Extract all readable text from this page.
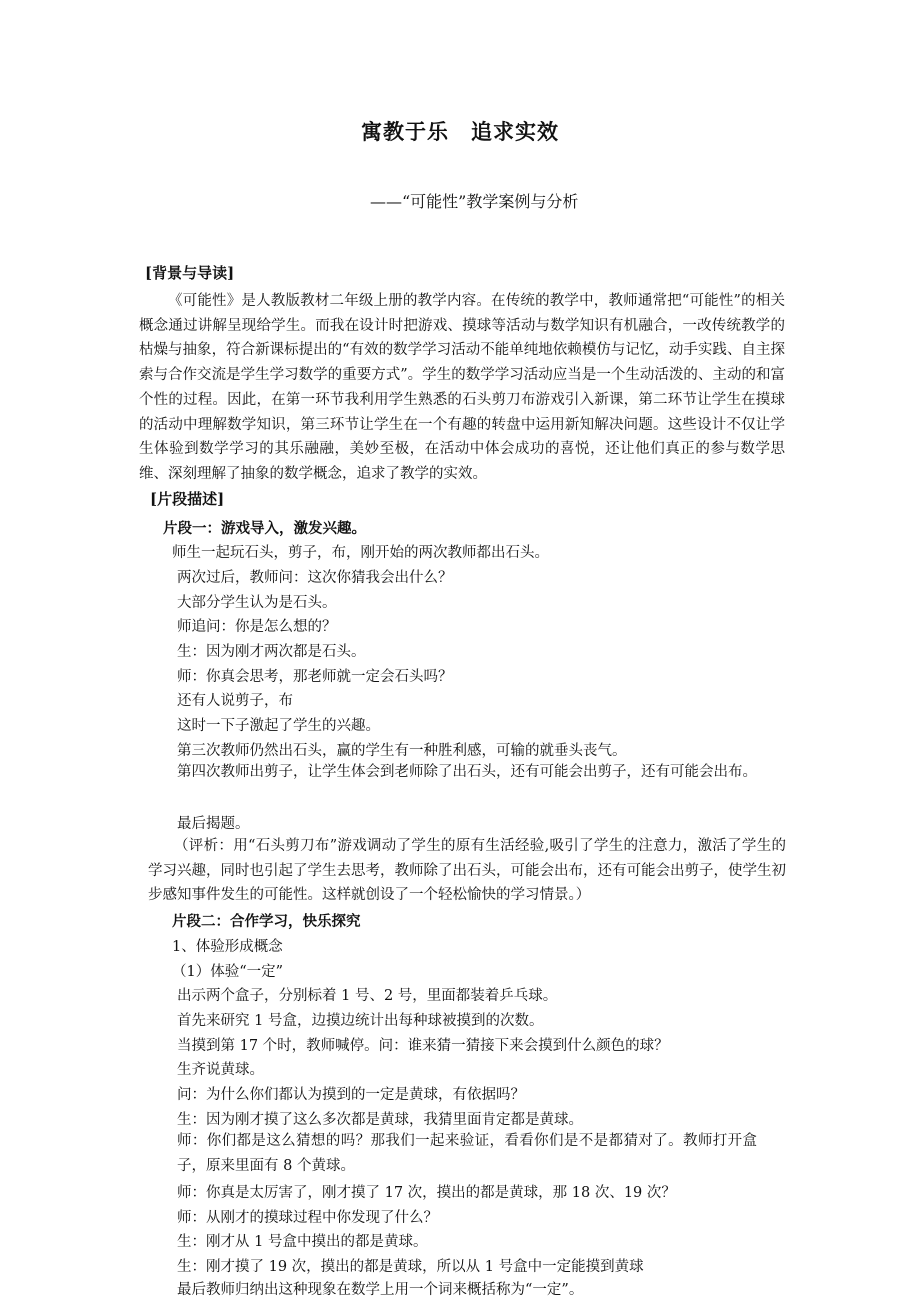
寓教于乐　追求实效
——“可能性”教学案例与分析
[背景与导读]

《可能性》是人教版教材二年级上册的教学内容。在传统的教学中，教师通常把“可能性”的相关概念通过讲解呈现给学生。而我在设计时把游戏、摸球等活动与数学知识有机融合，一改传统教学的枯燥与抽象，符合新课标提出的“有效的数学学习活动不能单纯地依赖模仿与记忆，动手实践、自主探索与合作交流是学生学习数学的重要方式”。学生的数学学习活动应当是一个生动活泼的、主动的和富个性的过程。因此，在第一环节我利用学生熟悉的石头剪刀布游戏引入新课，第二环节让学生在摸球的活动中理解数学知识，第三环节让学生在一个有趣的转盘中运用新知解决问题。这些设计不仅让学生体验到数学学习的其乐融融，美妙至极，在活动中体会成功的喜悦，还让他们真正的参与数学思维、深刻理解了抽象的数学概念，追求了教学的实效。

[片段描述]
片段一：游戏导入，激发兴趣。
师生一起玩石头，剪子，布，刚开始的两次教师都出石头。
两次过后，教师问：这次你猜我会出什么？
大部分学生认为是石头。
师追问：你是怎么想的？
生：因为刚才两次都是石头。
师：你真会思考，那老师就一定会石头吗？
还有人说剪子，布
这时一下子激起了学生的兴趣。
第三次教师仍然出石头，赢的学生有一种胜利感，可输的就垂头丧气。

第四次教师出剪子，让学生体会到老师除了出石头，还有可能会出剪子，还有可能会出布。

最后揭题。

（评析：用“石头剪刀布”游戏调动了学生的原有生活经验,吸引了学生的注意力，激活了学生的学习兴趣，同时也引起了学生去思考，教师除了出石头，可能会出布，还有可能会出剪子，使学生初步感知事件发生的可能性。这样就创设了一个轻松愉快的学习情景。）

片段二：合作学习，快乐探究
1、体验形成概念
（1）体验“一定”
出示两个盒子，分别标着 1 号、2 号，里面都装着乒乓球。
首先来研究 1 号盒，边摸边统计出每种球被摸到的次数。
当摸到第 17 个时，教师喊停。问：谁来猜一猜接下来会摸到什么颜色的球？
生齐说黄球。
问：为什么你们都认为摸到的一定是黄球，有依据吗？
生：因为刚才摸了这么多次都是黄球，我猜里面肯定都是黄球。

师：你们都是这么猜想的吗？那我们一起来验证，看看你们是不是都猜对了。教师打开盒子，原来里面有 8 个黄球。

师：你真是太厉害了，刚才摸了 17 次，摸出的都是黄球，那 18 次、19 次？
师：从刚才的摸球过程中你发现了什么？
生：刚才从 1 号盒中摸出的都是黄球。
生：刚才摸了 19 次，摸出的都是黄球，所以从 1 号盒中一定能摸到黄球
最后教师归纳出这种现象在数学上用一个词来概括称为“一定”。
